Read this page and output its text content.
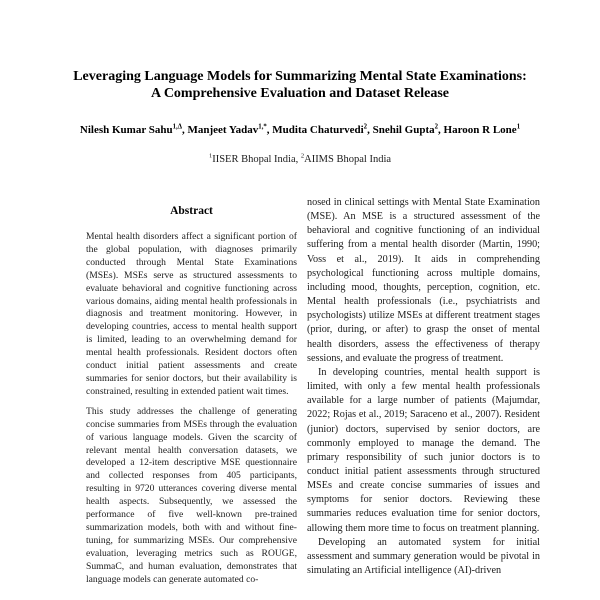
Leveraging Language Models for Summarizing Mental State Examinations:
A Comprehensive Evaluation and Dataset Release

Nilesh Kumar Sahu$^{1,\Delta}$, Manjeet Yadav$^{1,*}$, Mudita Chaturvedi$^2$, Snehil Gupta$^2$, Haroon R Lone$^1$

$^1$IISER Bhopal India, $^2$AIIMS Bhopal India

Abstract

Mental health disorders affect a significant portion of the global population, with diagnoses primarily conducted through Mental State Examinations (MSEs). MSEs serve as structured assessments to evaluate behavioral and cognitive functioning across various domains, aiding mental health professionals in diagnosis and treatment monitoring. However, in developing countries, access to mental health support is limited, leading to an overwhelming demand for mental health professionals. Resident doctors often conduct initial patient assessments and create summaries for senior doctors, but their availability is constrained, resulting in extended patient wait times.

This study addresses the challenge of generating concise summaries from MSEs through the evaluation of various language models. Given the scarcity of relevant mental health conversation datasets, we developed a 12-item descriptive MSE questionnaire and collected responses from 405 participants, resulting in 9720 utterances covering diverse mental health aspects. Subsequently, we assessed the performance of five well-known pre-trained summarization models, both with and without fine-tuning, for summarizing MSEs. Our comprehensive evaluation, leveraging metrics such as ROUGE, SummaC, and human evaluation, demonstrates that language models can generate automated co-

nosed in clinical settings with Mental State Examination (MSE). An MSE is a structured assessment of the behavioral and cognitive functioning of an individual suffering from a mental health disorder (Martin, 1990; Voss et al., 2019). It aids in comprehending psychological functioning across multiple domains, including mood, thoughts, perception, cognition, etc. Mental health professionals (i.e., psychiatrists and psychologists) utilize MSEs at different treatment stages (prior, during, or after) to grasp the onset of mental health disorders, assess the effectiveness of therapy sessions, and evaluate the progress of treatment.

In developing countries, mental health support is limited, with only a few mental health professionals available for a large number of patients (Majumdar, 2022; Rojas et al., 2019; Saraceno et al., 2007). Resident (junior) doctors, supervised by senior doctors, are commonly employed to manage the demand. The primary responsibility of such junior doctors is to conduct initial patient assessments through structured MSEs and create concise summaries of issues and symptoms for senior doctors. Reviewing these summaries reduces evaluation time for senior doctors, allowing them more time to focus on treatment planning.

Developing an automated system for initial assessment and summary generation would be pivotal in simulating an Artificial intelligence (AI)-driven
